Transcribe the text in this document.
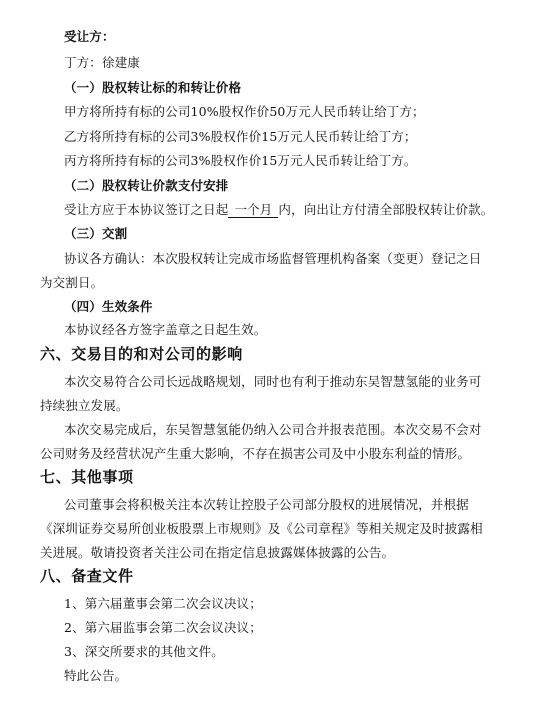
受让方：
丁方：徐建康
（一）股权转让标的和转让价格
甲方将所持有标的公司10%股权作价50万元人民币转让给丁方；
乙方将所持有标的公司3%股权作价15万元人民币转让给丁方；
丙方将所持有标的公司3%股权作价15万元人民币转让给丁方。
（二）股权转让价款支付安排
受让方应于本协议签订之日起 一个月 内，向出让方付清全部股权转让价款。
（三）交割
协议各方确认：本次股权转让完成市场监督管理机构备案（变更）登记之日
为交割日。
（四）生效条件
本协议经各方签字盖章之日起生效。
六、交易目的和对公司的影响
本次交易符合公司长远战略规划，同时也有利于推动东吴智慧氢能的业务可
持续独立发展。
本次交易完成后，东吴智慧氢能仍纳入公司合并报表范围。本次交易不会对
公司财务及经营状况产生重大影响，不存在损害公司及中小股东利益的情形。
七、其他事项
公司董事会将积极关注本次转让控股子公司部分股权的进展情况，并根据
《深圳证券交易所创业板股票上市规则》及《公司章程》等相关规定及时披露相
关进展。敬请投资者关注公司在指定信息披露媒体披露的公告。
八、备查文件
1、第六届董事会第二次会议决议；
2、第六届监事会第二次会议决议；
3、深交所要求的其他文件。
特此公告。
